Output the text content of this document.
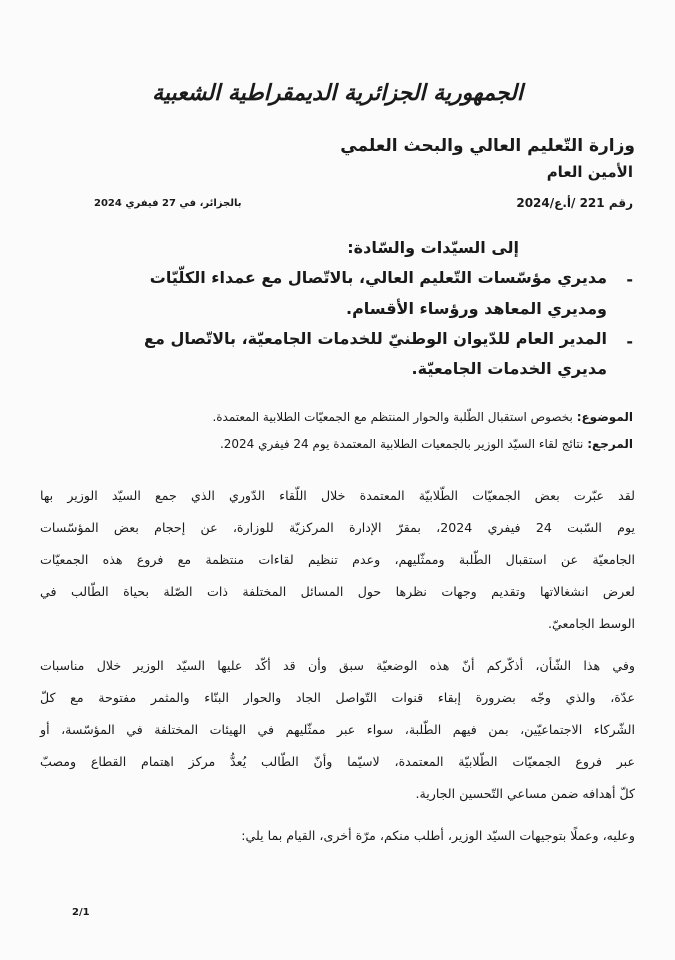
الجمهورية الجزائرية الديمقراطية الشعبية
وزارة التّعليم العالي والبحث العلمي
الأمين العام
رقم 221 /أ.ع/2024
بالجزائر، في 27 فيفري 2024
إلى السيّدات والسّادة:
-
مديري مؤسّسات التّعليم العالي، بالاتّصال مع عمداء الكلّيّات
ومديري المعاهد ورؤساء الأقسام.
-
المدير العام للدّيوان الوطنيّ للخدمات الجامعيّة، بالاتّصال مع
مديري الخدمات الجامعيّة.
الموضوع: بخصوص استقبال الطّلبة والحوار المنتظم مع الجمعيّات الطلابية المعتمدة.
المرجع: نتائج لقاء السيّد الوزير بالجمعيات الطلابية المعتمدة يوم 24 فيفري 2024.
لقد عبّرت بعض الجمعيّات الطّلابيّة المعتمدة خلال اللّقاء الدّوري الذي جمع السيّد الوزير بها
يوم السّبت 24 فيفري 2024، بمقرّ الإدارة المركزيّة للوزارة، عن إحجام بعض المؤسّسات
الجامعيّة عن استقبال الطّلبة وممثّليهم، وعدم تنظيم لقاءات منتظمة مع فروع هذه الجمعيّات
لعرض انشغالاتها وتقديم وجهات نظرها حول المسائل المختلفة ذات الصّلة بحياة الطّالب في
الوسط الجامعيّ.
وفي هذا الشّأن، أذكّركم أنّ هذه الوضعيّة سبق وأن قد أكّد عليها السيّد الوزير خلال مناسبات
عدّة، والذي وجّه بضرورة إبقاء قنوات التّواصل الجاد والحوار البنّاء والمثمر مفتوحة مع كلّ
الشّركاء الاجتماعيّين، بمن فيهم الطّلبة، سواء عبر ممثّليهم في الهيئات المختلفة في المؤسّسة، أو
عبر فروع الجمعيّات الطّلابيّة المعتمدة، لاسيّما وأنّ الطّالب يُعدُّ مركز اهتمام القطاع ومصبّ
كلّ أهدافه ضمن مساعي التّحسين الجارية.
وعليه، وعملًا بتوجيهات السيّد الوزير، أطلب منكم، مرّة أخرى، القيام بما يلي:
2/1
